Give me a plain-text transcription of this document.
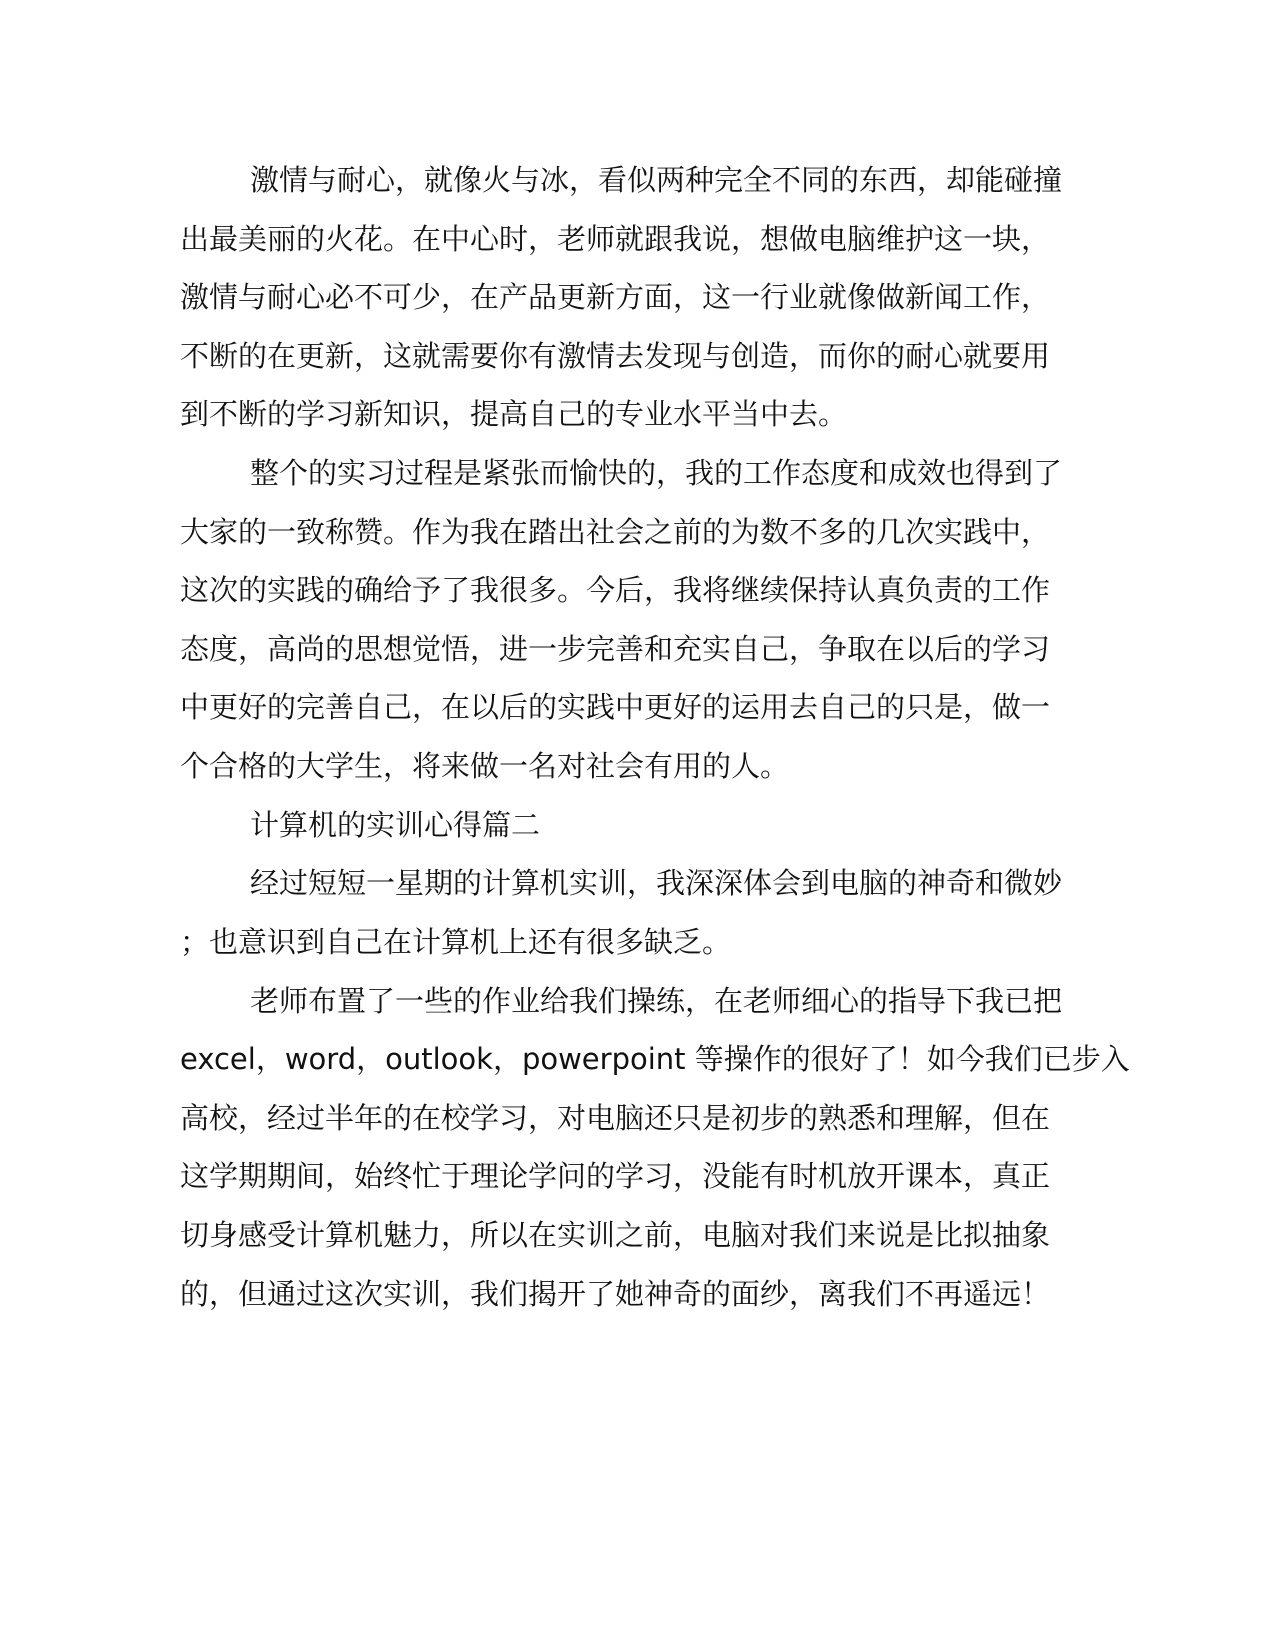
激情与耐心，就像火与冰，看似两种完全不同的东西，却能碰撞
出最美丽的火花。在中心时，老师就跟我说，想做电脑维护这一块，
激情与耐心必不可少，在产品更新方面，这一行业就像做新闻工作，
不断的在更新，这就需要你有激情去发现与创造，而你的耐心就要用
到不断的学习新知识，提高自己的专业水平当中去。
整个的实习过程是紧张而愉快的，我的工作态度和成效也得到了
大家的一致称赞。作为我在踏出社会之前的为数不多的几次实践中，
这次的实践的确给予了我很多。今后，我将继续保持认真负责的工作
态度，高尚的思想觉悟，进一步完善和充实自己，争取在以后的学习
中更好的完善自己，在以后的实践中更好的运用去自己的只是，做一
个合格的大学生，将来做一名对社会有用的人。
计算机的实训心得篇二
经过短短一星期的计算机实训，我深深体会到电脑的神奇和微妙
；也意识到自己在计算机上还有很多缺乏。
老师布置了一些的作业给我们操练，在老师细心的指导下我已把
excel，word，outlook，powerpoint 等操作的很好了！如今我们已步入
高校，经过半年的在校学习，对电脑还只是初步的熟悉和理解，但在
这学期期间，始终忙于理论学问的学习，没能有时机放开课本，真正
切身感受计算机魅力，所以在实训之前，电脑对我们来说是比拟抽象
的，但通过这次实训，我们揭开了她神奇的面纱，离我们不再遥远！
